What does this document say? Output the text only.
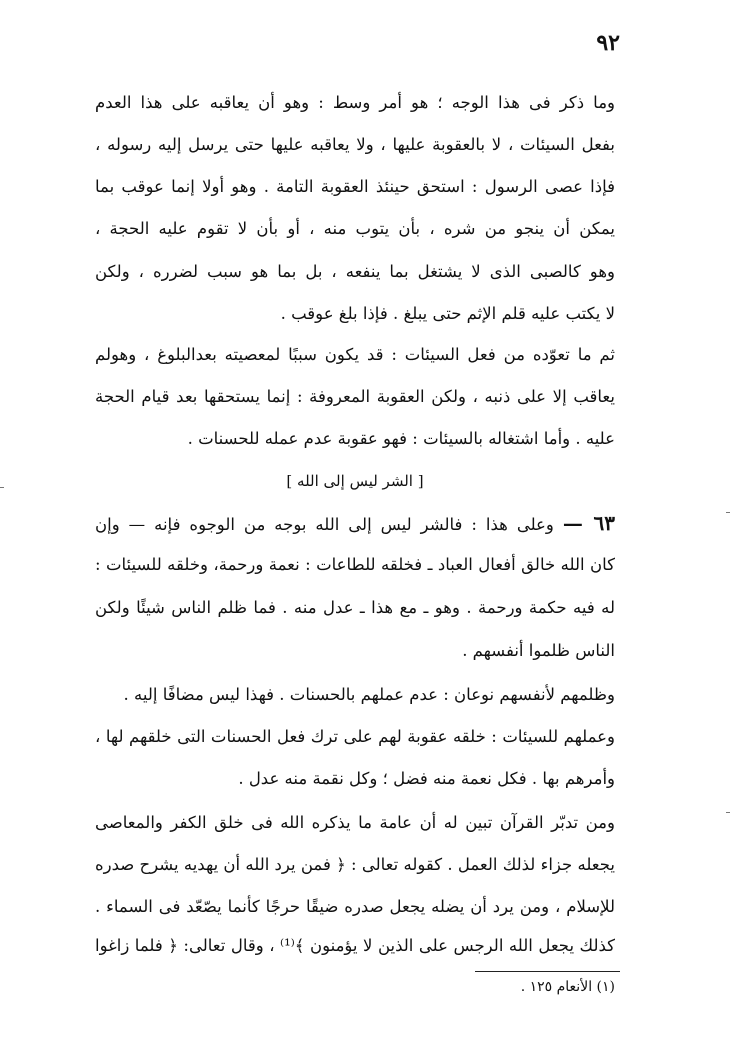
٩٢
وما ذكر فى هذا الوجه ؛ هو أمر وسط : وهو أن يعاقبه على هذا العدم
بفعل السيئات ، لا بالعقوبة عليها ، ولا يعاقبه عليها حتى يرسل إليه رسوله ،
فإذا عصى الرسول : استحق حينئذ العقوبة التامة . وهو أولا إنما عوقب بما
يمكن أن ينجو من شره ، بأن يتوب منه ، أو بأن لا تقوم عليه الحجة ،
وهو كالصبى الذى لا يشتغل بما ينفعه ، بل بما هو سبب لضرره ، ولكن
لا يكتب عليه قلم الإثم حتى يبلغ . فإذا بلغ عوقب .
ثم ما تعوّده من فعل السيئات : قد يكون سببًا لمعصيته بعدالبلوغ ، وهولم
يعاقب إلا على ذنبه ، ولكن العقوبة المعروفة : إنما يستحقها بعد قيام الحجة
عليه . وأما اشتغاله بالسيئات : فهو عقوبة عدم عمله للحسنات .
[ الشر ليس إلى الله ]
٦٣ — وعلى هذا : فالشر ليس إلى الله بوجه من الوجوه فإنه — وإن
كان الله خالق أفعال العباد ـ فخلقه للطاعات : نعمة ورحمة، وخلقه للسيئات :
له فيه حكمة ورحمة . وهو ـ مع هذا ـ عدل منه . فما ظلم الناس شيئًا ولكن
الناس ظلموا أنفسهم .
وظلمهم لأنفسهم نوعان : عدم عملهم بالحسنات . فهذا ليس مضافًا إليه .
وعملهم للسيئات : خلقه عقوبة لهم على ترك فعل الحسنات التى خلقهم لها ،
وأمرهم بها . فكل نعمة منه فضل ؛ وكل نقمة منه عدل .
ومن تدبّر القرآن تبين له أن عامة ما يذكره الله فى خلق الكفر والمعاصى
يجعله جزاء لذلك العمل . كقوله تعالى : ﴿ فمن يرد الله أن يهديه يشرح صدره
للإسلام ، ومن يرد أن يضله يجعل صدره ضيقًا حرجًا كأنما يصّعّد فى السماء .
كذلك يجعل الله الرجس على الذين لا يؤمنون ﴾⁽¹⁾ ، وقال تعالى: ﴿ فلما زاغوا
(١) الأنعام ١٢٥ .
